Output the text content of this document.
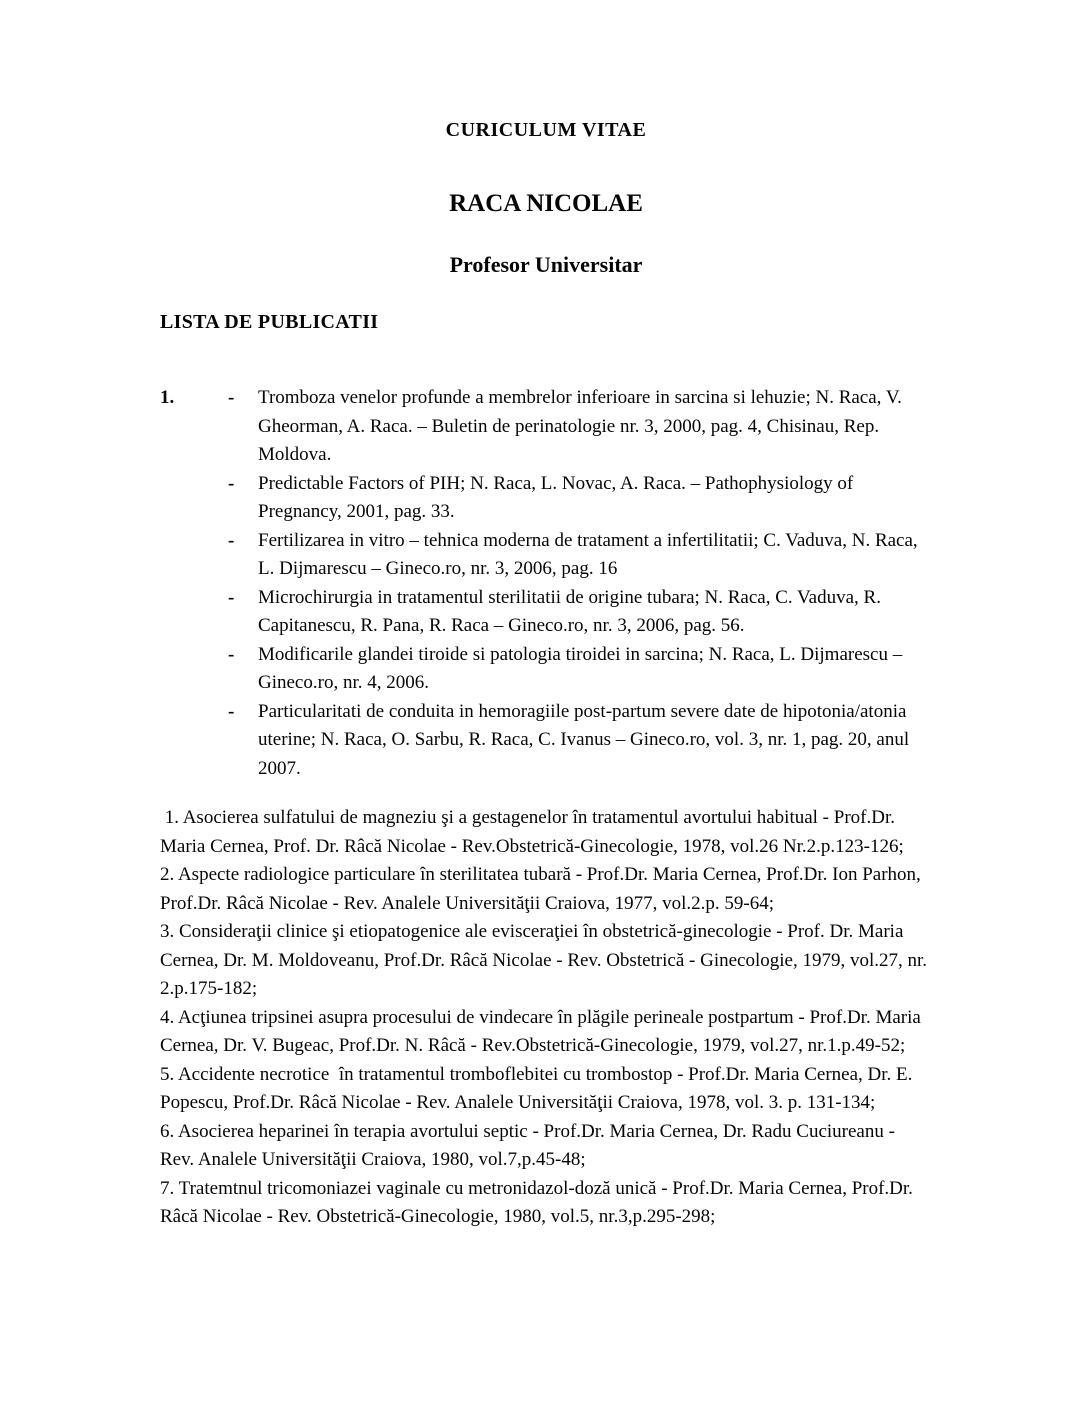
CURICULUM VITAE
RACA NICOLAE
Profesor Universitar
LISTA DE PUBLICATII
1.	-	Tromboza venelor profunde a membrelor inferioare in sarcina si lehuzie; N. Raca, V. Gheorman, A. Raca. – Buletin de perinatologie nr. 3, 2000, pag. 4, Chisinau, Rep. Moldova.
-	Predictable Factors of PIH; N. Raca, L. Novac, A. Raca. – Pathophysiology of Pregnancy, 2001, pag. 33.
-	Fertilizarea in vitro – tehnica moderna de tratament a infertilitatii; C. Vaduva, N. Raca, L. Dijmarescu – Gineco.ro, nr. 3, 2006, pag. 16
-	Microchirurgia in tratamentul sterilitatii de origine tubara; N. Raca, C. Vaduva, R. Capitanescu, R. Pana, R. Raca – Gineco.ro, nr. 3, 2006, pag. 56.
-	Modificarile glandei tiroide si patologia tiroidei in sarcina; N. Raca, L. Dijmarescu – Gineco.ro, nr. 4, 2006.
-	Particularitati de conduita in hemoragiile post-partum severe date de hipotonia/atonia uterine; N. Raca, O. Sarbu, R. Raca, C. Ivanus – Gineco.ro, vol. 3, nr. 1, pag. 20, anul 2007.

1. Asocierea sulfatului de magneziu şi a gestagenelor în tratamentul avortului habitual - Prof.Dr. Maria Cernea, Prof. Dr. Râcă Nicolae - Rev.Obstetrică-Ginecologie, 1978, vol.26 Nr.2.p.123-126;

2. Aspecte radiologice particulare în sterilitatea tubară - Prof.Dr. Maria Cernea, Prof.Dr. Ion Parhon, Prof.Dr. Râcă Nicolae - Rev. Analele Universităţii Craiova, 1977, vol.2.p. 59-64;

3. Consideraţii clinice şi etiopatogenice ale evisceraţiei în obstetrică-ginecologie - Prof. Dr. Maria Cernea, Dr. M. Moldoveanu, Prof.Dr. Râcă Nicolae - Rev. Obstetrică - Ginecologie, 1979, vol.27, nr. 2.p.175-182;

4. Acţiunea tripsinei asupra procesului de vindecare în plăgile perineale postpartum - Prof.Dr. Maria Cernea, Dr. V. Bugeac, Prof.Dr. N. Râcă - Rev.Obstetrică-Ginecologie, 1979, vol.27, nr.1.p.49-52;

5. Accidente necrotice  în tratamentul tromboflebitei cu trombostop - Prof.Dr. Maria Cernea, Dr. E. Popescu, Prof.Dr. Râcă Nicolae - Rev. Analele Universităţii Craiova, 1978, vol. 3. p. 131-134;

6. Asocierea heparinei în terapia avortului septic - Prof.Dr. Maria Cernea, Dr. Radu Cuciureanu - Rev. Analele Universităţii Craiova, 1980, vol.7,p.45-48;

7. Tratemtnul tricomoniazei vaginale cu metronidazol-doză unică - Prof.Dr. Maria Cernea, Prof.Dr. Râcă Nicolae - Rev. Obstetrică-Ginecologie, 1980, vol.5, nr.3,p.295-298;
